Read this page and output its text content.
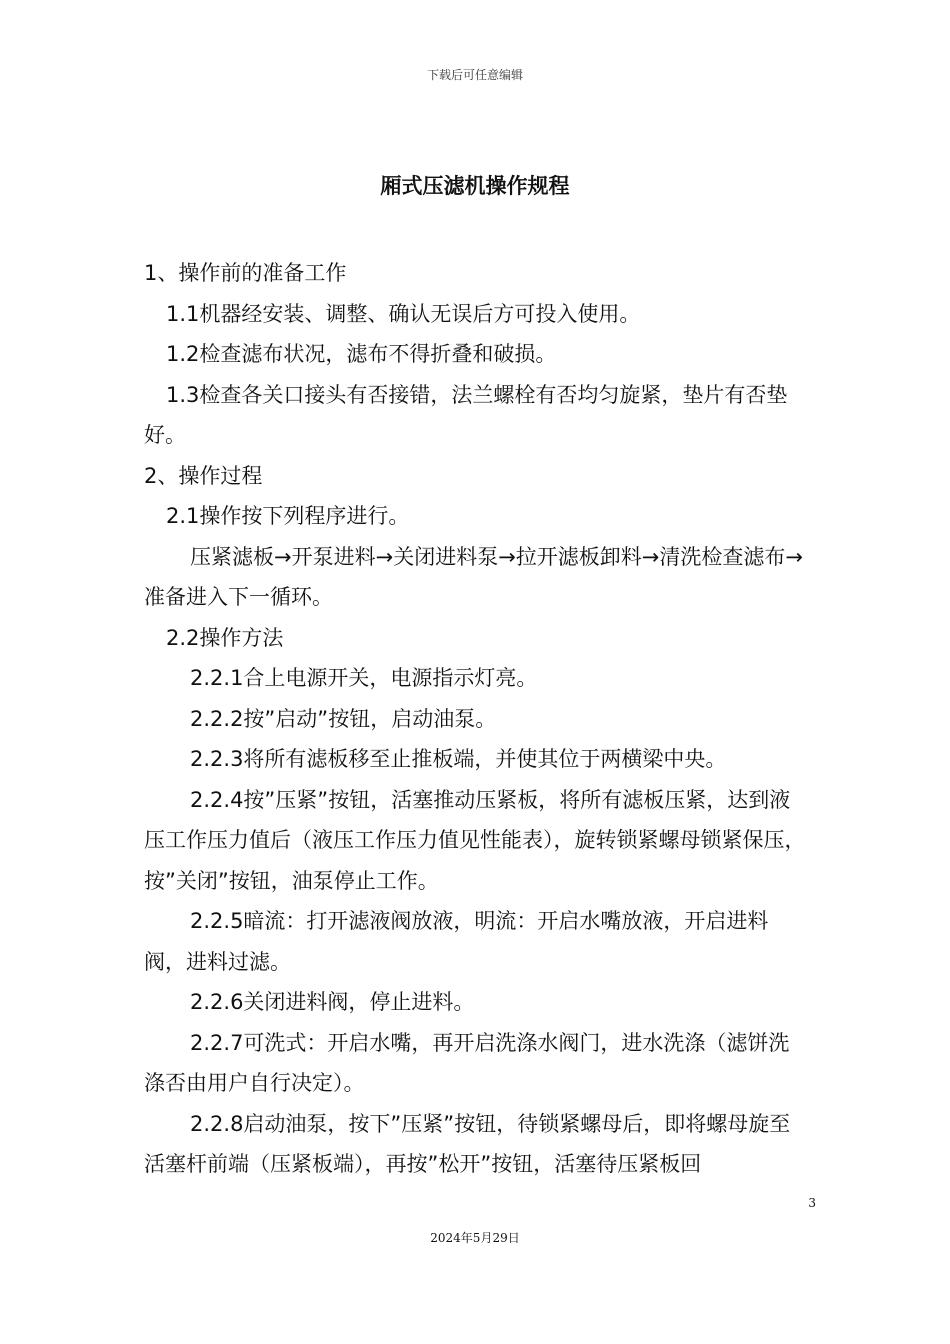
下载后可任意编辑
厢式压滤机操作规程

1、操作前的准备工作

1.1机器经安装、调整、确认无误后方可投入使用。

1.2检查滤布状况，滤布不得折叠和破损。

1.3检查各关口接头有否接错，法兰螺栓有否均匀旋紧，垫片有否垫好。

2、操作过程

2.1操作按下列程序进行。

压紧滤板→开泵进料→关闭进料泵→拉开滤板卸料→清洗检查滤布→准备进入下一循环。

2.2操作方法

2.2.1合上电源开关，电源指示灯亮。

2.2.2按”启动”按钮，启动油泵。

2.2.3将所有滤板移至止推板端，并使其位于两横梁中央。

2.2.4按”压紧”按钮，活塞推动压紧板，将所有滤板压紧，达到液压工作压力值后（液压工作压力值见性能表），旋转锁紧螺母锁紧保压，按”关闭”按钮，油泵停止工作。

2.2.5暗流：打开滤液阀放液，明流：开启水嘴放液，开启进料阀，进料过滤。

2.2.6关闭进料阀，停止进料。

2.2.7可洗式：开启水嘴，再开启洗涤水阀门，进水洗涤（滤饼洗涤否由用户自行决定）。

2.2.8启动油泵，按下”压紧”按钮，待锁紧螺母后，即将螺母旋至活塞杆前端（压紧板端），再按”松开”按钮，活塞待压紧板回

3
2024年5月29日
